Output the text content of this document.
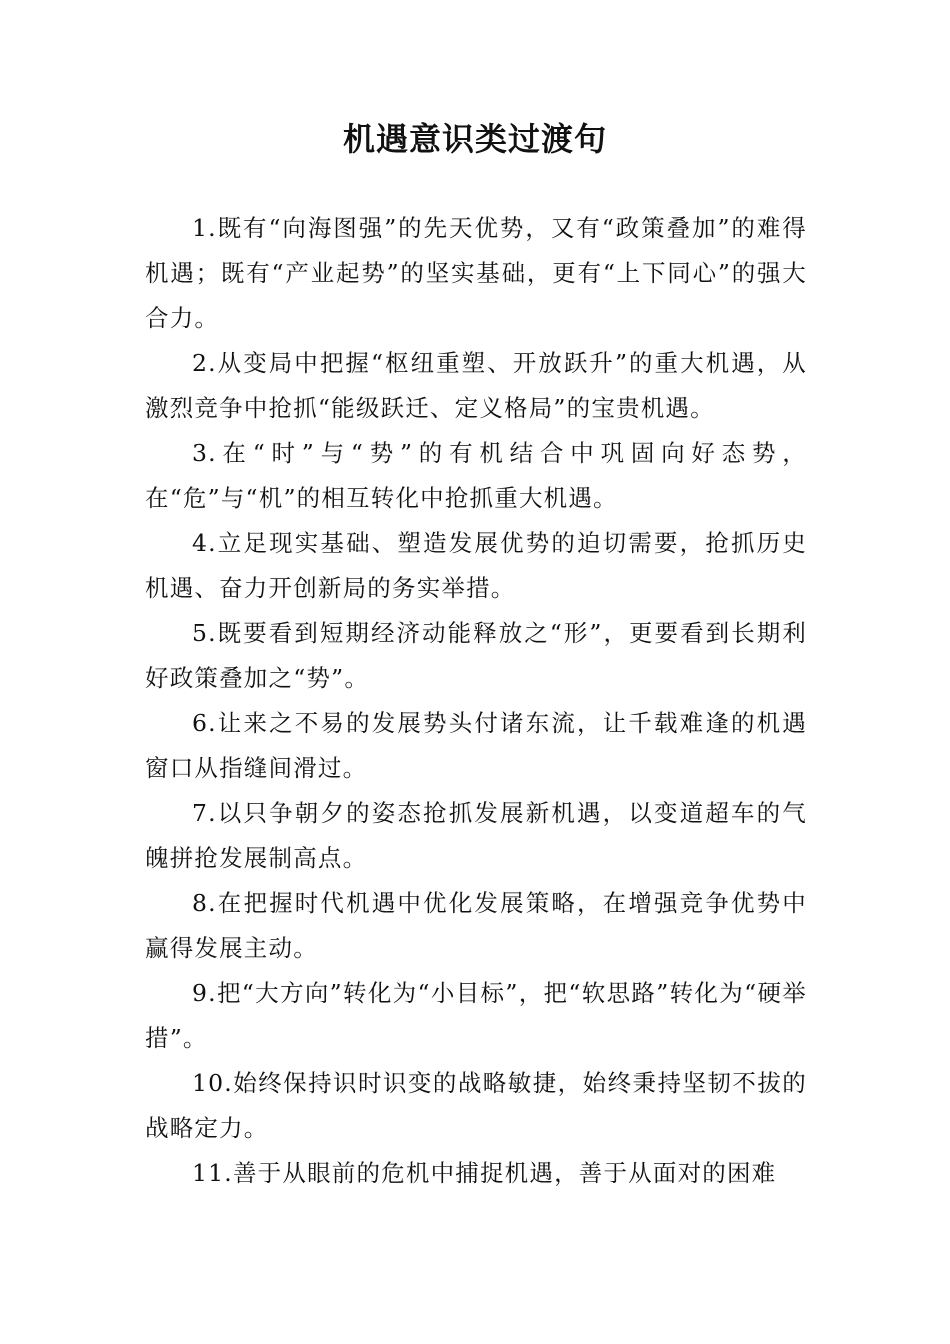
机遇意识类过渡句

1.既有“向海图强”的先天优势，又有“政策叠加”的难得机遇；既有“产业起势”的坚实基础，更有“上下同心”的强大合力。

2.从变局中把握“枢纽重塑、开放跃升”的重大机遇，从激烈竞争中抢抓“能级跃迁、定义格局”的宝贵机遇。

3.在“时”与“势”的有机结合中巩固向好态势，在“危”与“机”的相互转化中抢抓重大机遇。

4.立足现实基础、塑造发展优势的迫切需要，抢抓历史机遇、奋力开创新局的务实举措。

5.既要看到短期经济动能释放之“形”，更要看到长期利好政策叠加之“势”。

6.让来之不易的发展势头付诸东流，让千载难逢的机遇窗口从指缝间滑过。

7.以只争朝夕的姿态抢抓发展新机遇，以变道超车的气魄拼抢发展制高点。

8.在把握时代机遇中优化发展策略，在增强竞争优势中赢得发展主动。

9.把“大方向”转化为“小目标”，把“软思路”转化为“硬举措”。

10.始终保持识时识变的战略敏捷，始终秉持坚韧不拔的战略定力。

11.善于从眼前的危机中捕捉机遇，善于从面对的困难
